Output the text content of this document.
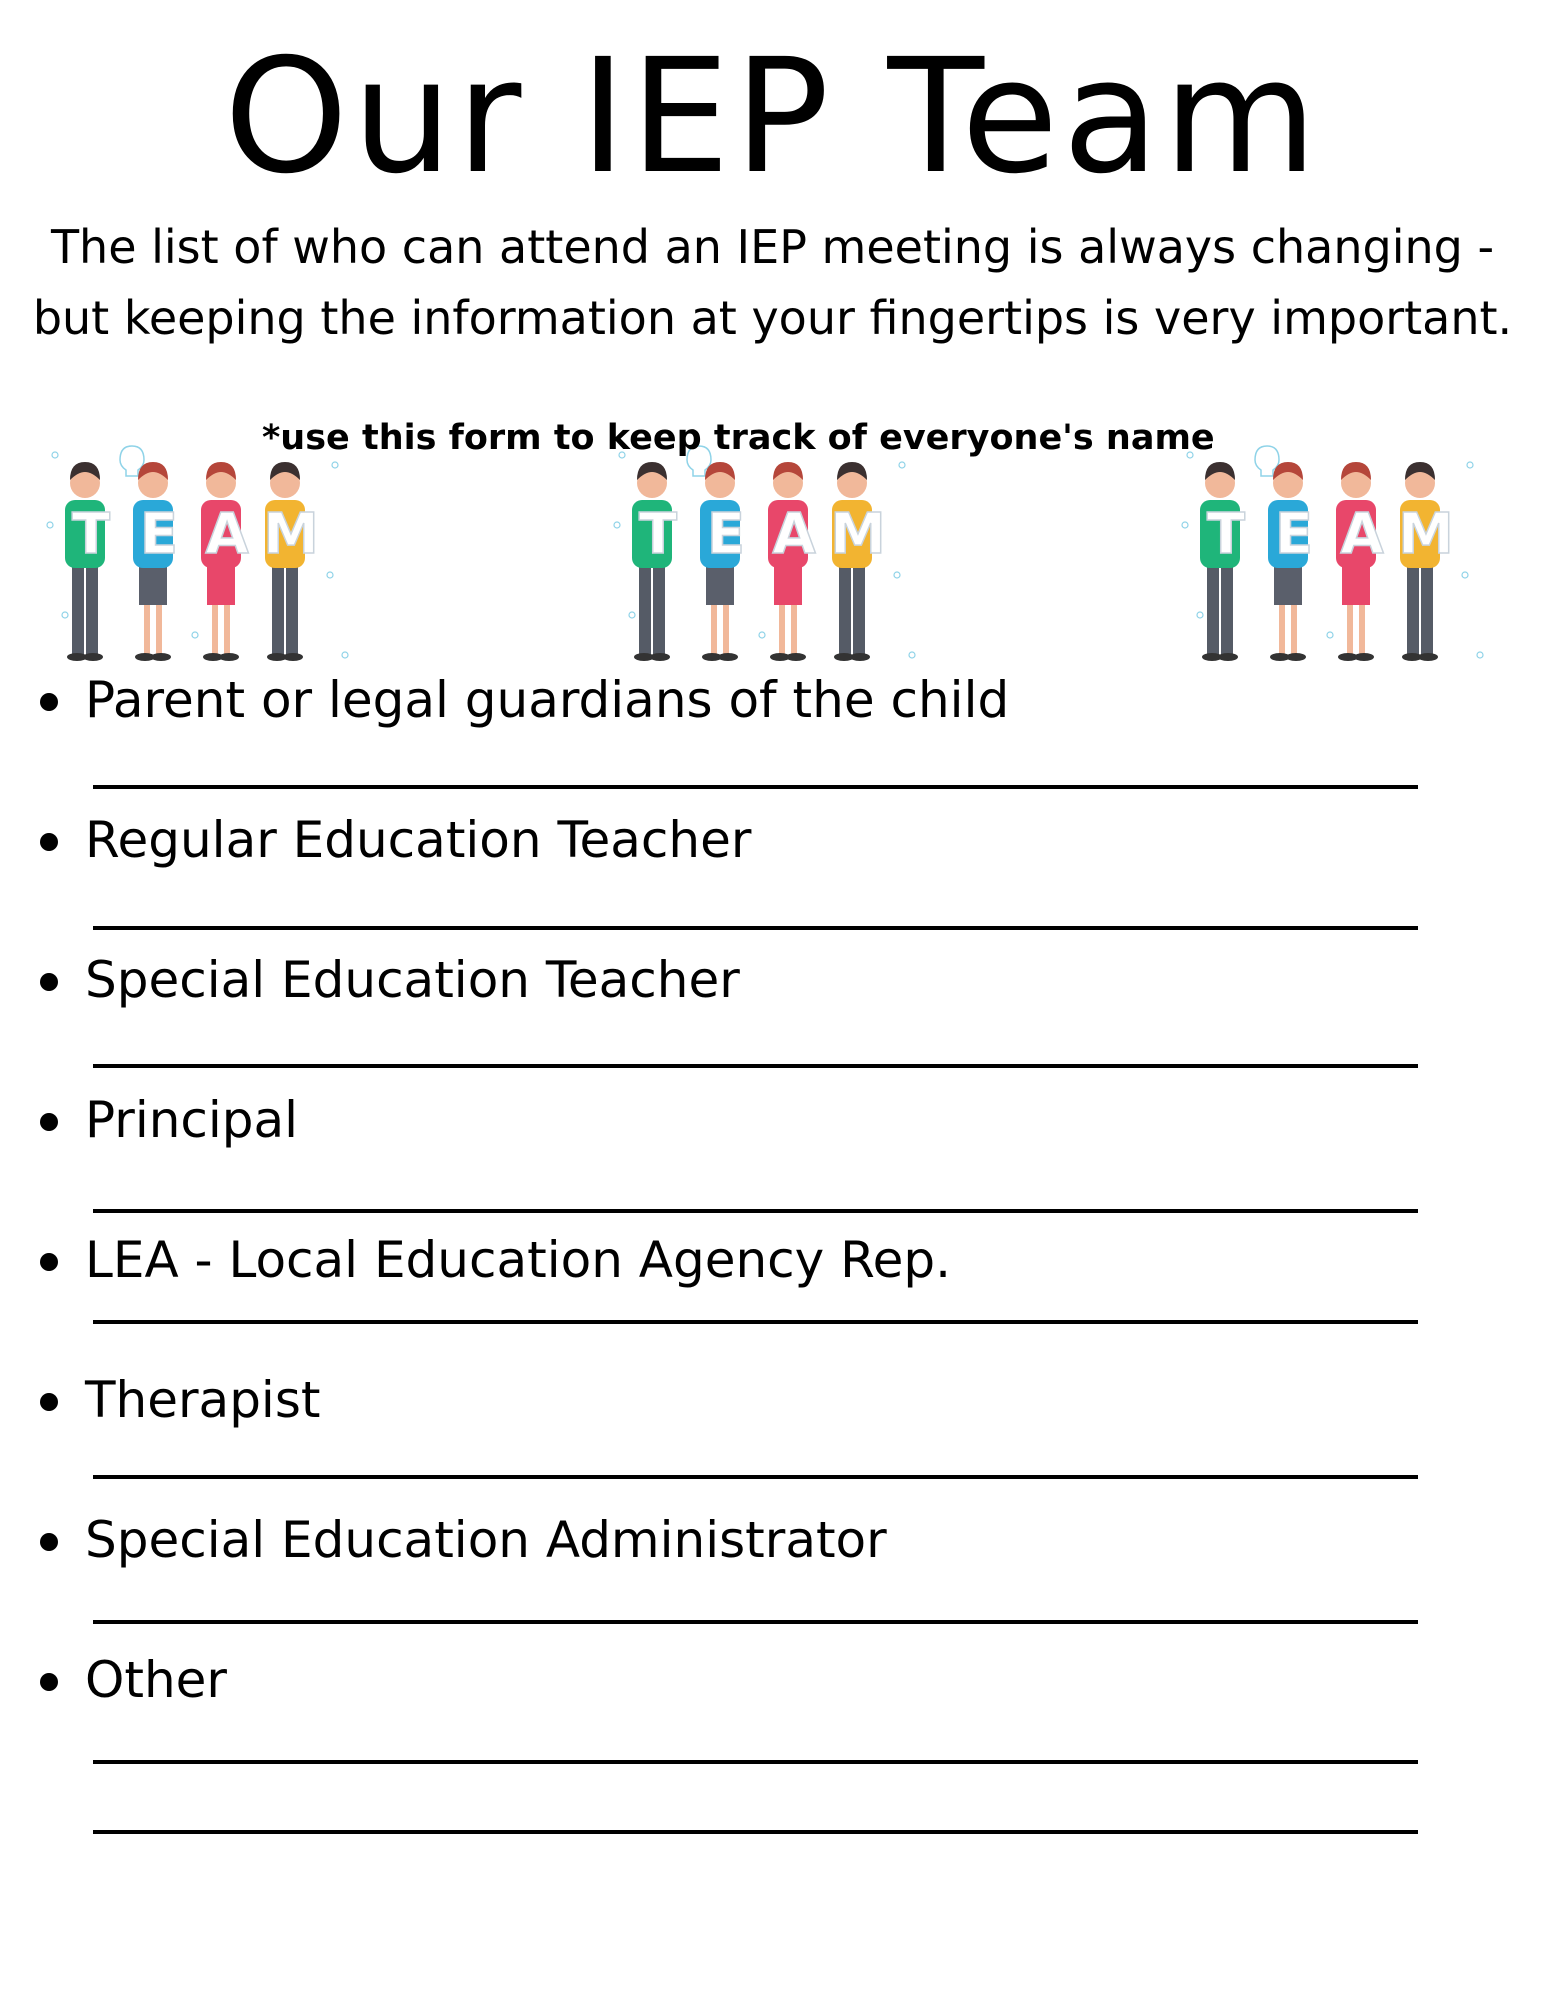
Our IEP Team

The list of who can attend an IEP meeting is always changing - but keeping the information at your fingertips is very important.

*use this form to keep track of everyone's name
T E A M	T E A M	T E A M
Parent or legal guardians of the child
Regular Education Teacher
Special Education Teacher
Principal
LEA - Local Education Agency Rep.
Therapist
Special Education Administrator
Other
